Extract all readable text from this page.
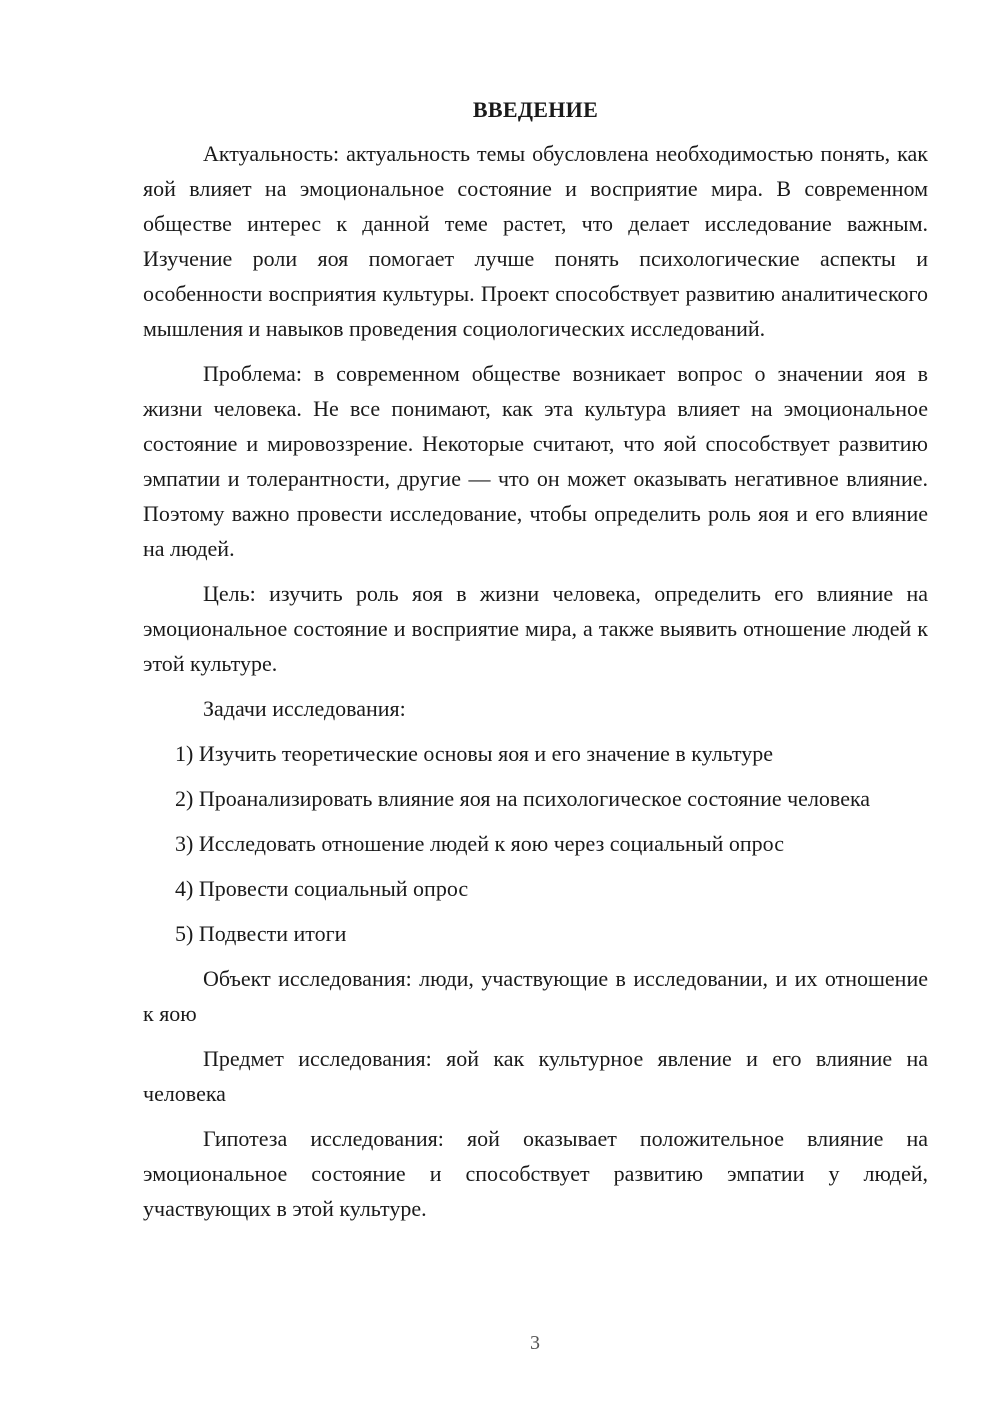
ВВЕДЕНИЕ

Актуальность: актуальность темы обусловлена необходимостью понять, как яой влияет на эмоциональное состояние и восприятие мира. В современном обществе интерес к данной теме растет, что делает исследование важным. Изучение роли яоя помогает лучше понять психологические аспекты и особенности восприятия культуры. Проект способствует развитию аналитического мышления и навыков проведения социологических исследований.

Проблема: в современном обществе возникает вопрос о значении яоя в жизни человека. Не все понимают, как эта культура влияет на эмоциональное состояние и мировоззрение. Некоторые считают, что яой способствует развитию эмпатии и толерантности, другие — что он может оказывать негативное влияние. Поэтому важно провести исследование, чтобы определить роль яоя и его влияние на людей.

Цель: изучить роль яоя в жизни человека, определить его влияние на эмоциональное состояние и восприятие мира, а также выявить отношение людей к этой культуре.

Задачи исследования:

1) Изучить теоретические основы яоя и его значение в культуре

2) Проанализировать влияние яоя на психологическое состояние человека

3) Исследовать отношение людей к яою через социальный опрос

4) Провести социальный опрос

5) Подвести итоги

Объект исследования: люди, участвующие в исследовании, и их отношение к яою

Предмет исследования: яой как культурное явление и его влияние на человека

Гипотеза исследования: яой оказывает положительное влияние на эмоциональное состояние и способствует развитию эмпатии у людей, участвующих в этой культуре.

3
